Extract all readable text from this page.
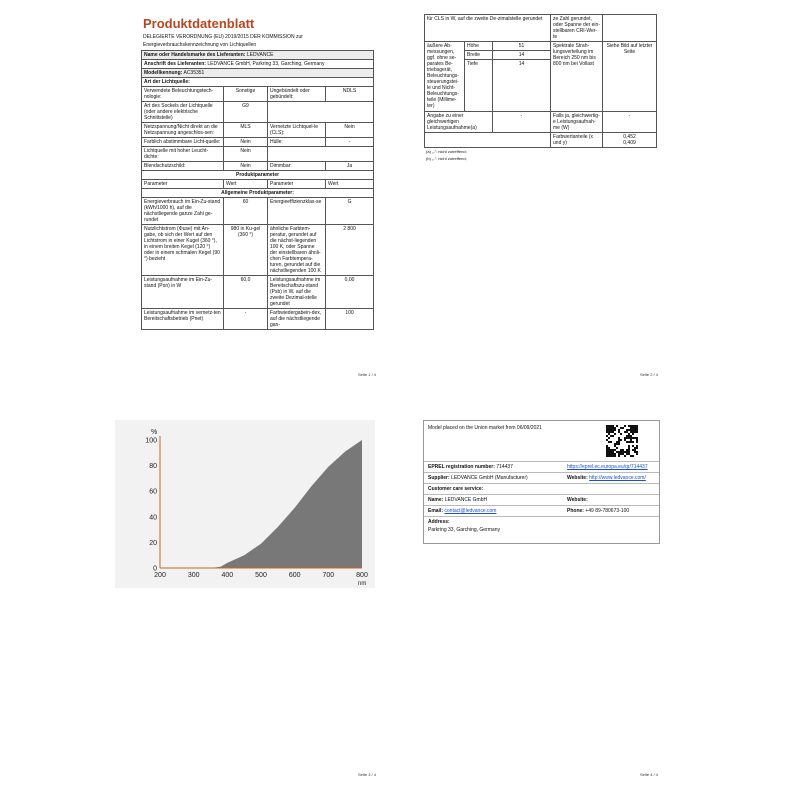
Produktdatenblatt
DELEGIERTE VERORDNUNG (EU) 2019/2015 DER KOMMISSION zur
Energieverbrauchskennzeichnung von Lichtquellen
Name oder Handelsmarke des Lieferanten: LEDVANCE			
Anschrift des Lieferanten: LEDVANCE GmbH, Parkring 33, Garching, Germany			
Modellkennung: AC35351			
Art der Lichtquelle:			
Verwendete Beleuchtungstech-nologie:	Sonstige	Ungebündelt oder gebündelt:	NDLS
Art des Sockels der Lichtquelle (oder andere elektrische Schnittstelle)	G9		
Netzspannung/Nicht direkt an die Netzspannung angeschlos-sen:	MLS	Vernetzte Lichtquel-le (CLS):	Nein
Farblich abstimmbare Licht-quelle:	Nein	Hülle:	-
Lichtquelle mit hoher Leucht-dichte:	Nein		
Blendschutzschild:	Nein	Dimmbar:	Ja
Produktparameter			
Parameter	Wert	Parameter	Wert
Allgemeine Produktparameter:			
Energieverbrauch im Ein-Zu-stand (kWh/1000 h), auf die nächstliegende ganze Zahl ge-rundet	60	Energieeffizienzklas-se	G
Nutzlichtstrom (Φuse) mit An-gabe, ob sich der Wert auf den Lichtstrom in einer Kugel (360 °), in einem breiten Kegel (120 °) oder in einem schmalen Kegel (90 °) bezieht	980 in Ku-gel (360 °)	ähnliche Farbtem-peratur, gerundet auf die nächst-liegenden 100 K, oder Spanne der einstellbaren ähnli-chen Farbtempera-turen, gerundet auf die nächstliegenden 100 K	2 800
Leistungsaufnahme im Ein-Zu-stand (Pon) in W	60,0	Leistungsaufnahme im Bereitschaftszu-stand (Psb) in W, auf die zweite Dezimal-stelle gerundet	0,00
Leistungsaufnahme im vernetz-ten Bereitschaftsbetrieb (Pnet)	-	Farbwiedergabein-dex, auf die nächstliegende gan-	100
Seite 1 / 4
für CLS in W, auf die zweite De-zimalstelle gerundet			ze Zahl gerundet, oder Spanne der ein-stellbaren CRI-Wer-te	
äußere Ab-messungen, ggf. ohne se-parates Be-triebsgerät, Beleuchtungs-steuerungstei-le und Nicht-Beleuchtungs-teile (Millime-ter)	Höhe	51	Spektrale Strah-lungsverteilung im Bereich 250 nm bis 800 nm bei Vollast	Siehe Bild auf letzter Seite
	Breite	14		
	Tiefe	14		
Angabe zu einer gleichwertigen Leistungsaufnahme(a)		-	Falls ja, gleichwertig-e Leistungsaufnah-me (W)	-
			Farbwertanteile (x und y)	0,452
0,409
(a) „-": nicht zutreffend;
(b) „-": nicht zutreffend;
Seite 2 / 4
Seite 3 / 4
0
20
40
60
80
100
200	300	400	500	600	700	800
%
nm
Seite 4 / 4
Model placed on the Union market from 06/09/2021
EPREL registration number: 714437	https://eprel.ec.europa.eu/qr/714437
Supplier: LEDVANCE GmbH (Manufacturer)	Website: http://www.ledvance.com/
Customer care service:
Name: LEDVANCE GmbH	Website:
Email: contact@ledvance.com	Phone: +49 89-780673-100
Address:
Parkring 33, Garching, Germany
